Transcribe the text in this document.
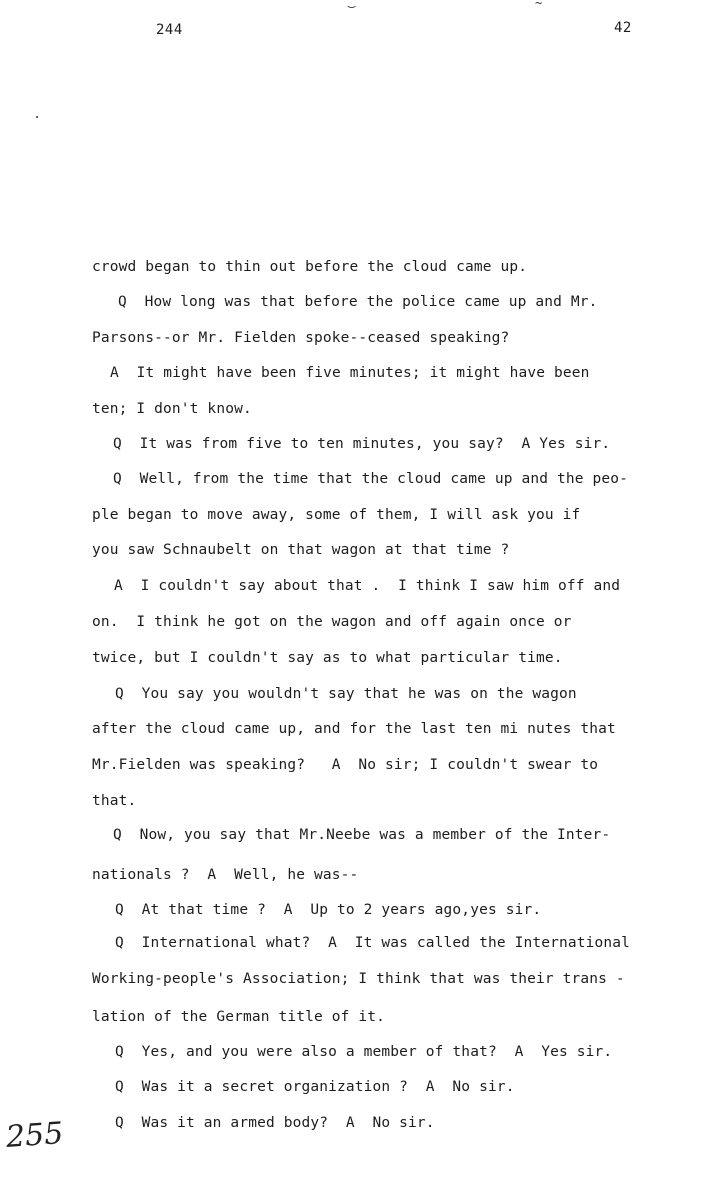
244	42
‿	~
crowd began to thin out before the cloud came up.
Q  How long was that before the police came up and Mr.
Parsons--or Mr. Fielden spoke--ceased speaking?
A  It might have been five minutes; it might have been
ten; I don't know.
Q  It was from five to ten minutes, you say?  A Yes sir.
Q  Well, from the time that the cloud came up and the peo-
ple began to move away, some of them, I will ask you if
you saw Schnaubelt on that wagon at that time ?
A  I couldn't say about that .  I think I saw him off and
on.  I think he got on the wagon and off again once or
twice, but I couldn't say as to what particular time.
Q  You say you wouldn't say that he was on the wagon
after the cloud came up, and for the last ten mi nutes that
Mr.Fielden was speaking?   A  No sir; I couldn't swear to
that.
Q  Now, you say that Mr.Neebe was a member of the Inter-
nationals ?  A  Well, he was--
Q  At that time ?  A  Up to 2 years ago,yes sir.
Q  International what?  A  It was called the International
Working-people's Association; I think that was their trans -
lation of the German title of it.
Q  Yes, and you were also a member of that?  A  Yes sir.
Q  Was it a secret organization ?  A  No sir.
Q  Was it an armed body?  A  No sir.
255
